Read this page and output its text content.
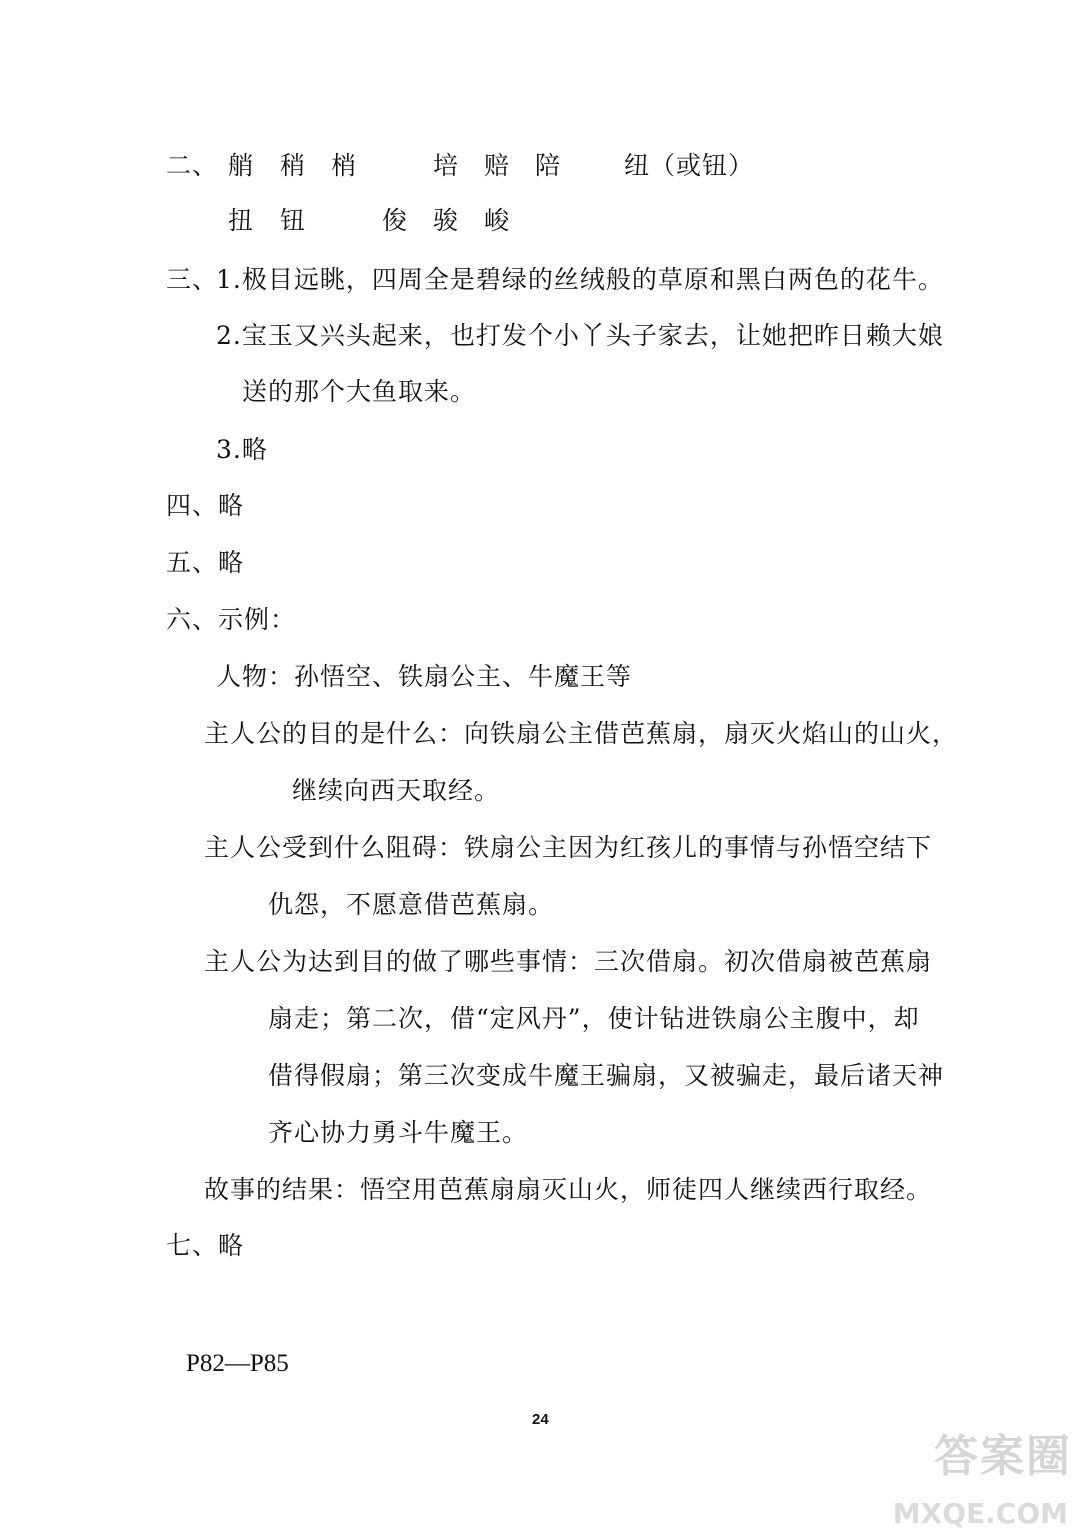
二、 艄 稍 梢	培 赔 陪	纽（或钮）
扭 钮	俊 骏 峻
三、
1.极目远眺，四周全是碧绿的丝绒般的草原和黑白两色的花牛。
2.宝玉又兴头起来，也打发个小丫头子家去，让她把昨日赖大娘
送的那个大鱼取来。
3.略
四、略
五、略
六、示例：
人物：孙悟空、铁扇公主、牛魔王等
主人公的目的是什么：向铁扇公主借芭蕉扇，扇灭火焰山的山火，
继续向西天取经。
主人公受到什么阻碍：铁扇公主因为红孩儿的事情与孙悟空结下
仇怨，不愿意借芭蕉扇。
主人公为达到目的做了哪些事情：三次借扇。初次借扇被芭蕉扇
扇走；第二次，借“定风丹”，使计钻进铁扇公主腹中，却
借得假扇；第三次变成牛魔王骗扇，又被骗走，最后诸天神
齐心协力勇斗牛魔王。
故事的结果：悟空用芭蕉扇扇灭山火，师徒四人继续西行取经。
七、略
P82—P85
24
答案圈
MXQE.COM
